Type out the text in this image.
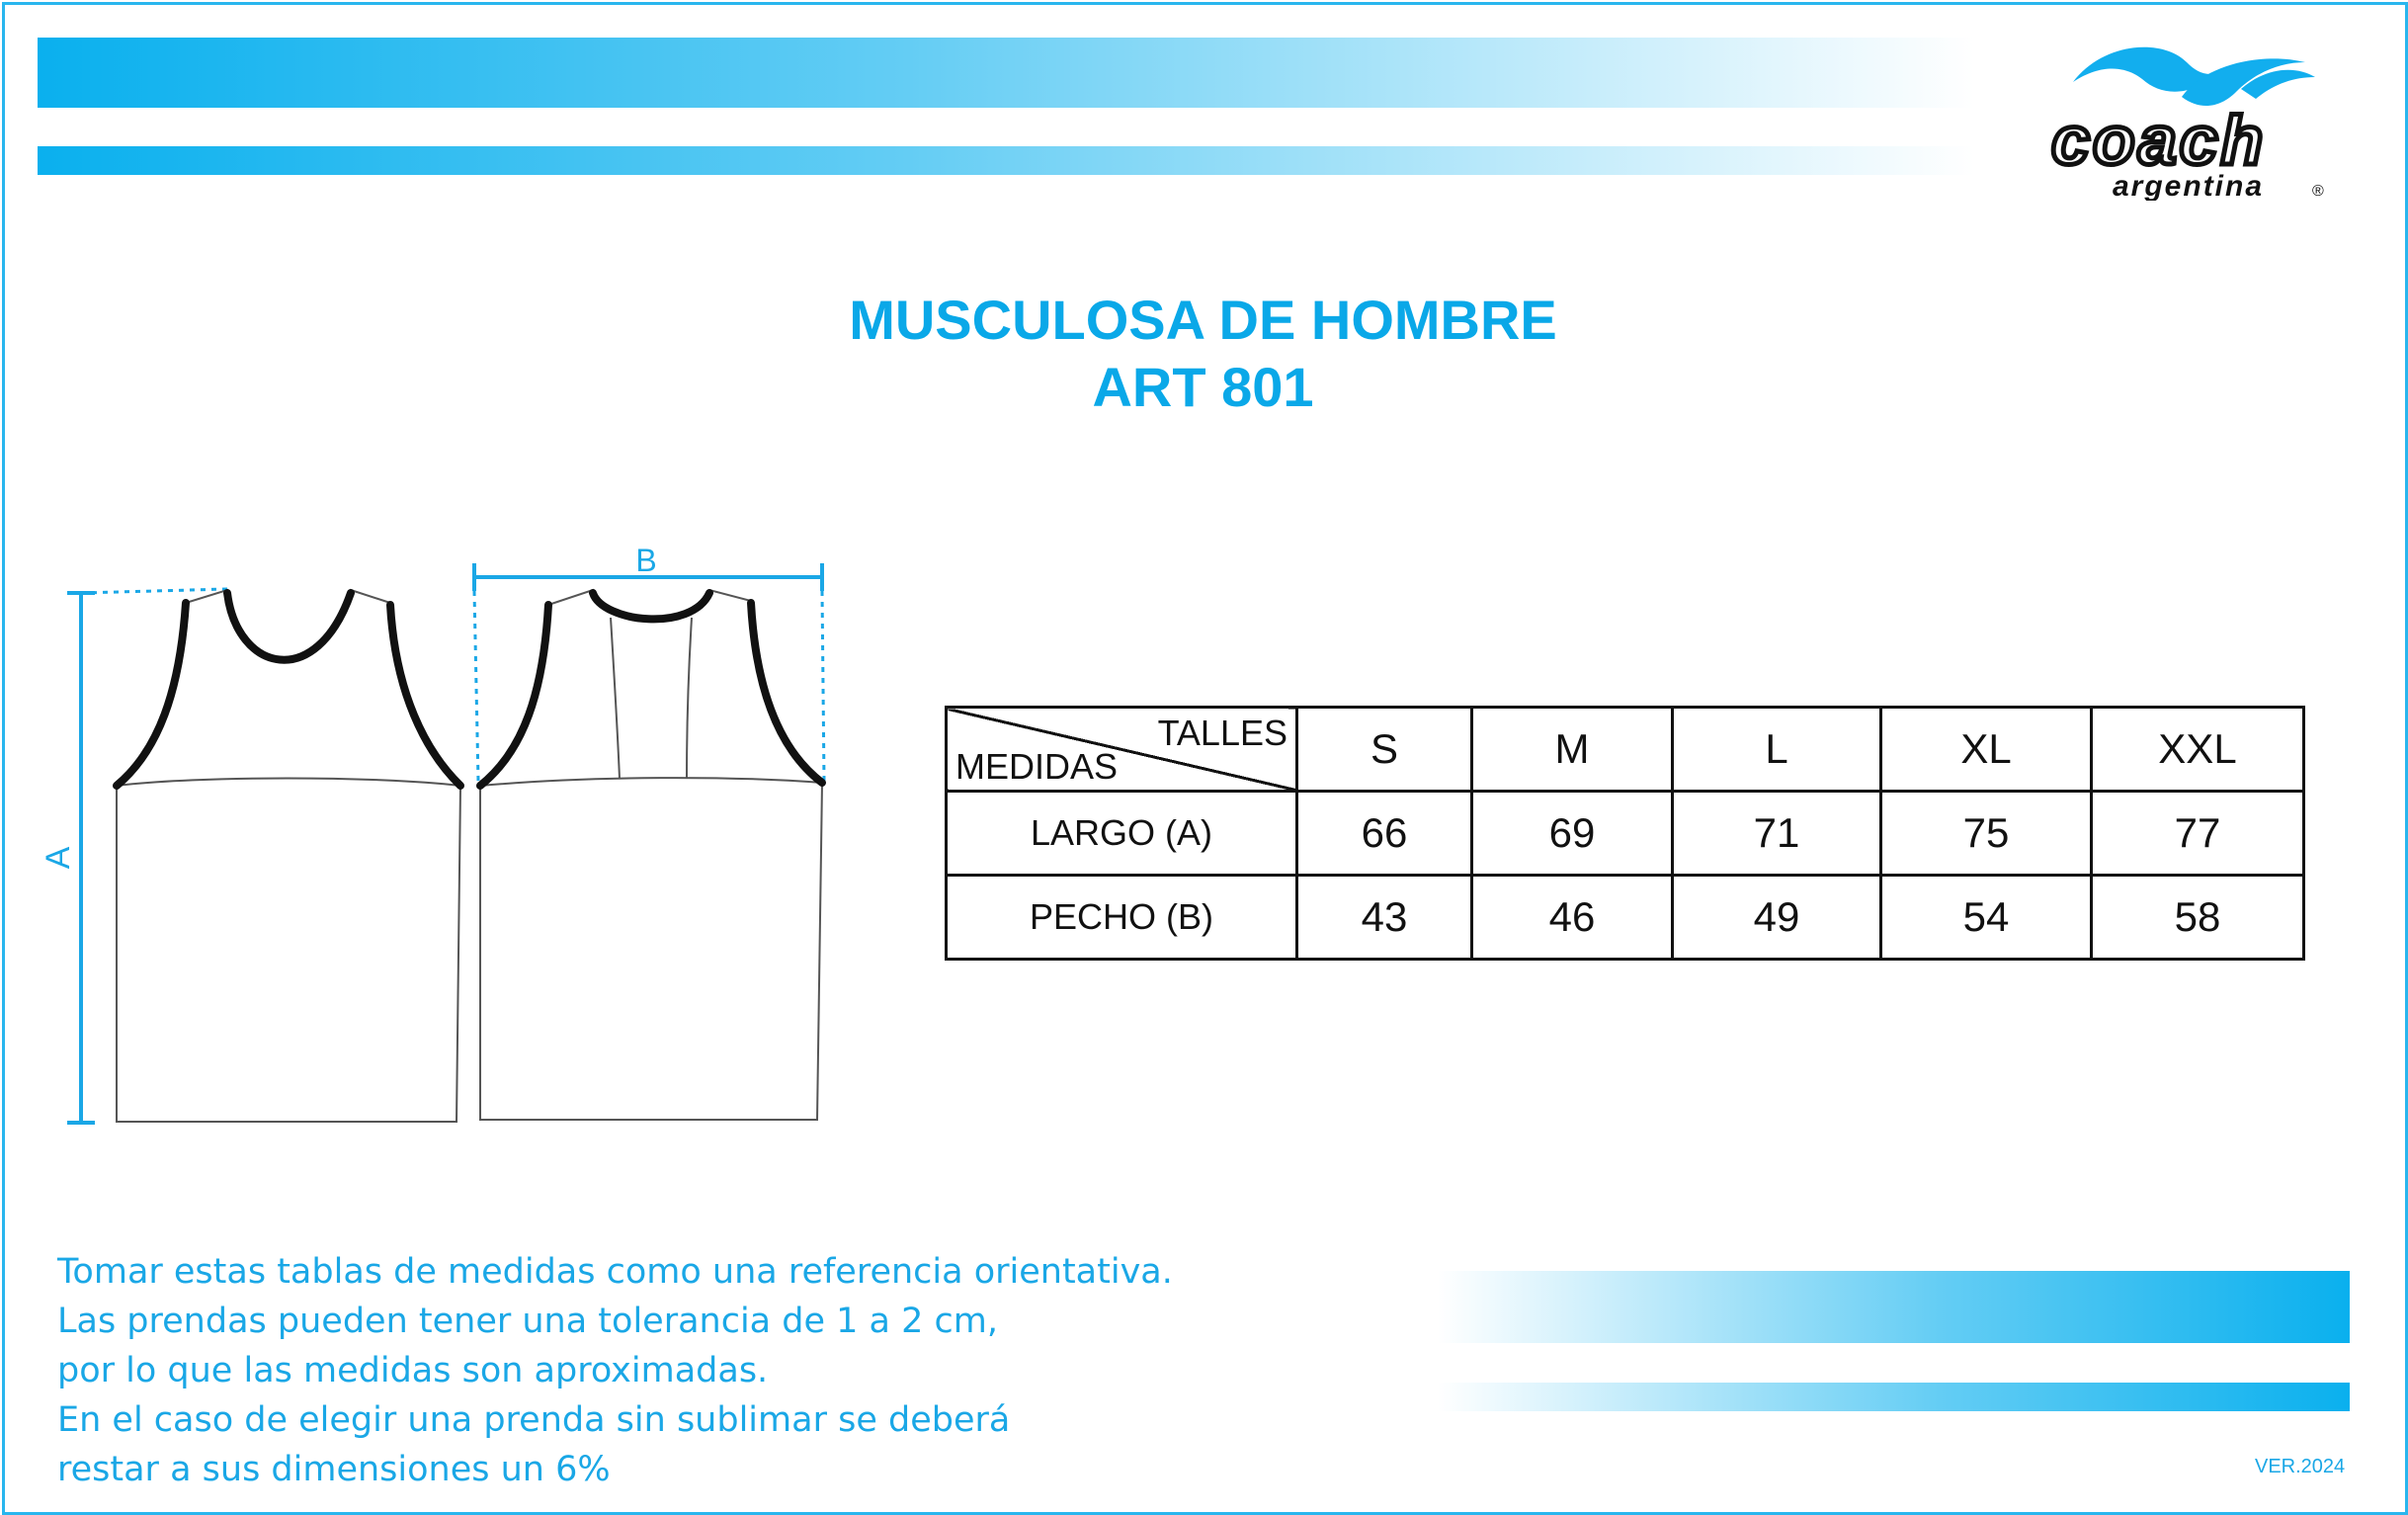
coach
argentina	®
MUSCULOSA DE HOMBRE
ART 801
A
B
TALLES
MEDIDAS	S	M	L	XL	XXL
LARGO (A)	66	69	71	75	77
PECHO (B)	43	46	49	54	58
Tomar estas tablas de medidas como una referencia orientativa.
Las prendas pueden tener una tolerancia de 1 a 2 cm,
por lo que las medidas son aproximadas.
En el caso de elegir una prenda sin sublimar se deberá
restar a sus dimensiones un 6%	VER.2024
